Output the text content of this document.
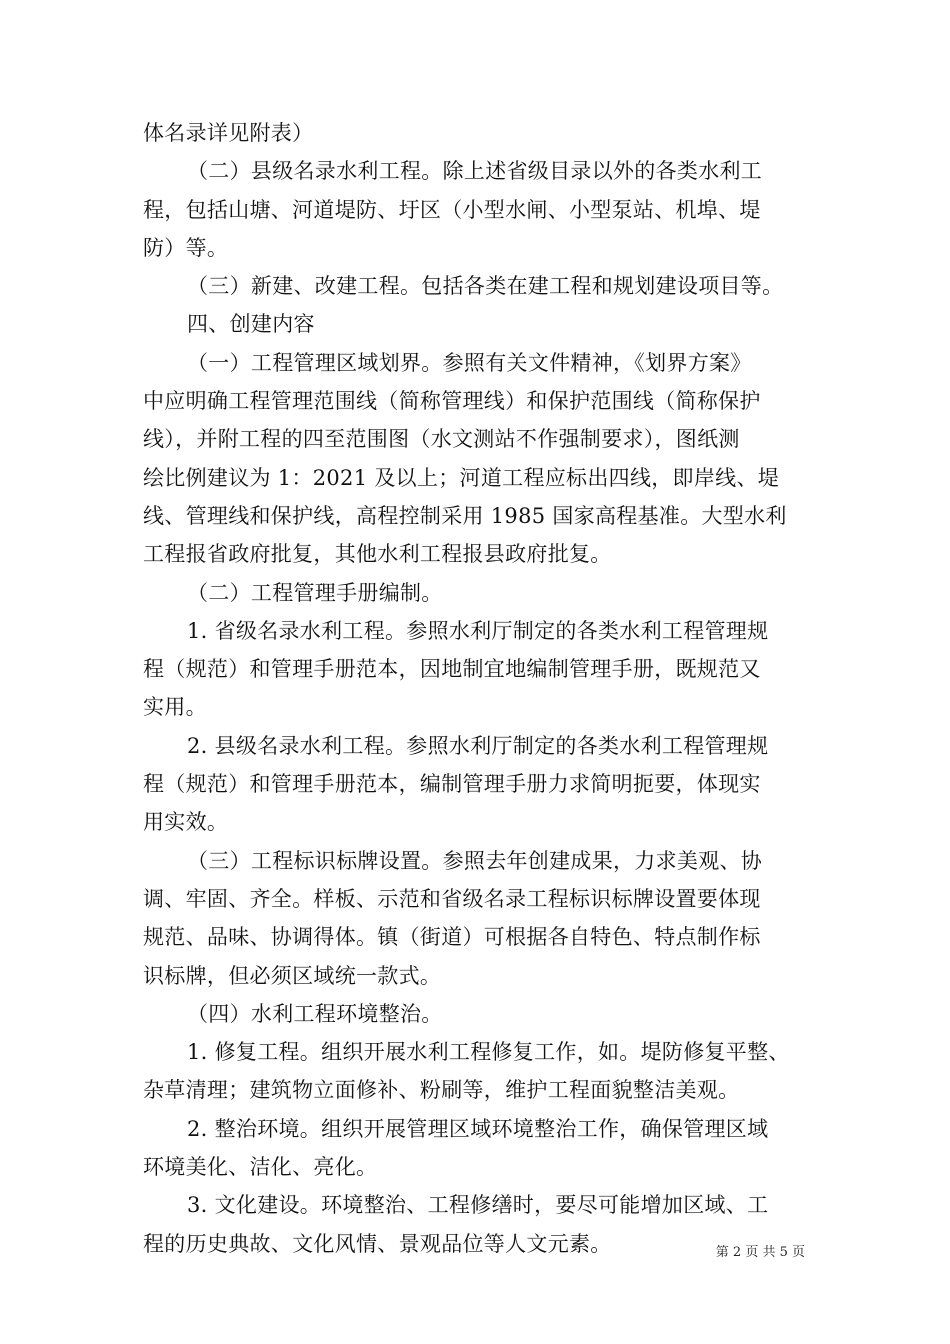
体名录详见附表）
（二）县级名录水利工程。除上述省级目录以外的各类水利工
程，包括山塘、河道堤防、圩区（小型水闸、小型泵站、机埠、堤
防）等。
（三）新建、改建工程。包括各类在建工程和规划建设项目等。
四、创建内容
（一）工程管理区域划界。参照有关文件精神，《划界方案》
中应明确工程管理范围线（简称管理线）和保护范围线（简称保护
线），并附工程的四至范围图（水文测站不作强制要求），图纸测
绘比例建议为 1：2021 及以上；河道工程应标出四线，即岸线、堤
线、管理线和保护线，高程控制采用 1985 国家高程基准。大型水利
工程报省政府批复，其他水利工程报县政府批复。
（二）工程管理手册编制。
1. 省级名录水利工程。参照水利厅制定的各类水利工程管理规
程（规范）和管理手册范本，因地制宜地编制管理手册，既规范又
实用。
2. 县级名录水利工程。参照水利厅制定的各类水利工程管理规
程（规范）和管理手册范本，编制管理手册力求简明扼要，体现实
用实效。
（三）工程标识标牌设置。参照去年创建成果，力求美观、协
调、牢固、齐全。样板、示范和省级名录工程标识标牌设置要体现
规范、品味、协调得体。镇（街道）可根据各自特色、特点制作标
识标牌，但必须区域统一款式。
（四）水利工程环境整治。
1. 修复工程。组织开展水利工程修复工作，如。堤防修复平整、
杂草清理；建筑物立面修补、粉刷等，维护工程面貌整洁美观。
2. 整治环境。组织开展管理区域环境整治工作，确保管理区域
环境美化、洁化、亮化。
3. 文化建设。环境整治、工程修缮时，要尽可能增加区域、工
程的历史典故、文化风情、景观品位等人文元素。	第 2 页 共 5 页
